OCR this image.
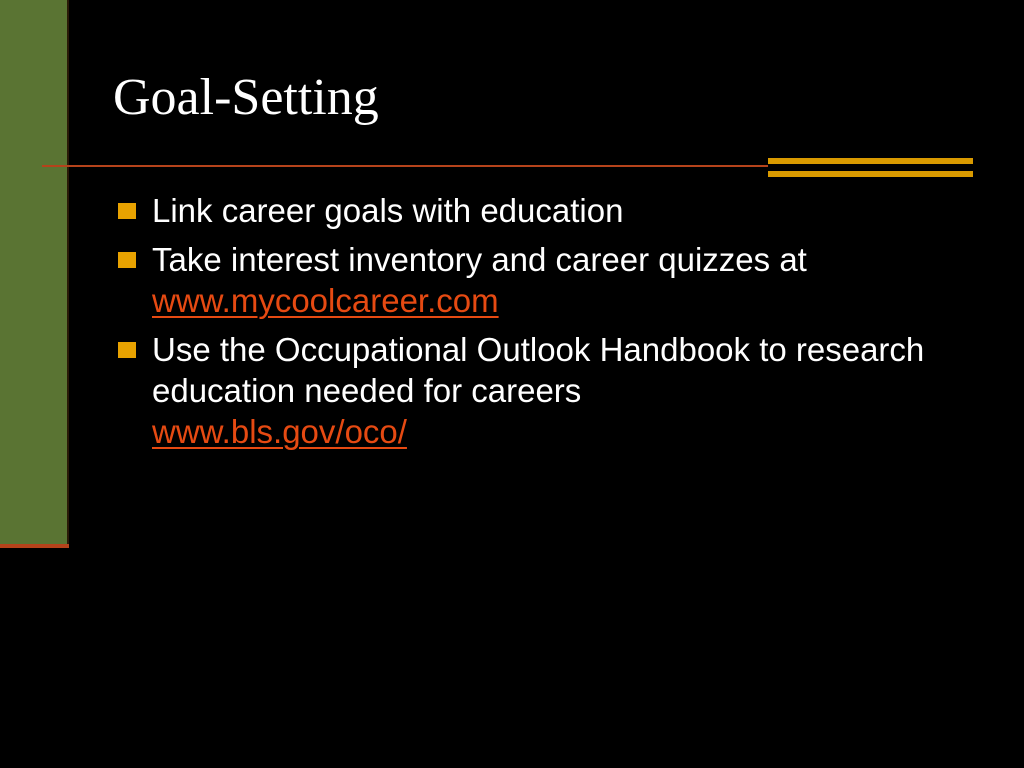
Goal-Setting
Link career goals with education
Take interest inventory and career quizzes at
www.mycoolcareer.com
Use the Occupational Outlook Handbook to research education needed for careers
www.bls.gov/oco/
